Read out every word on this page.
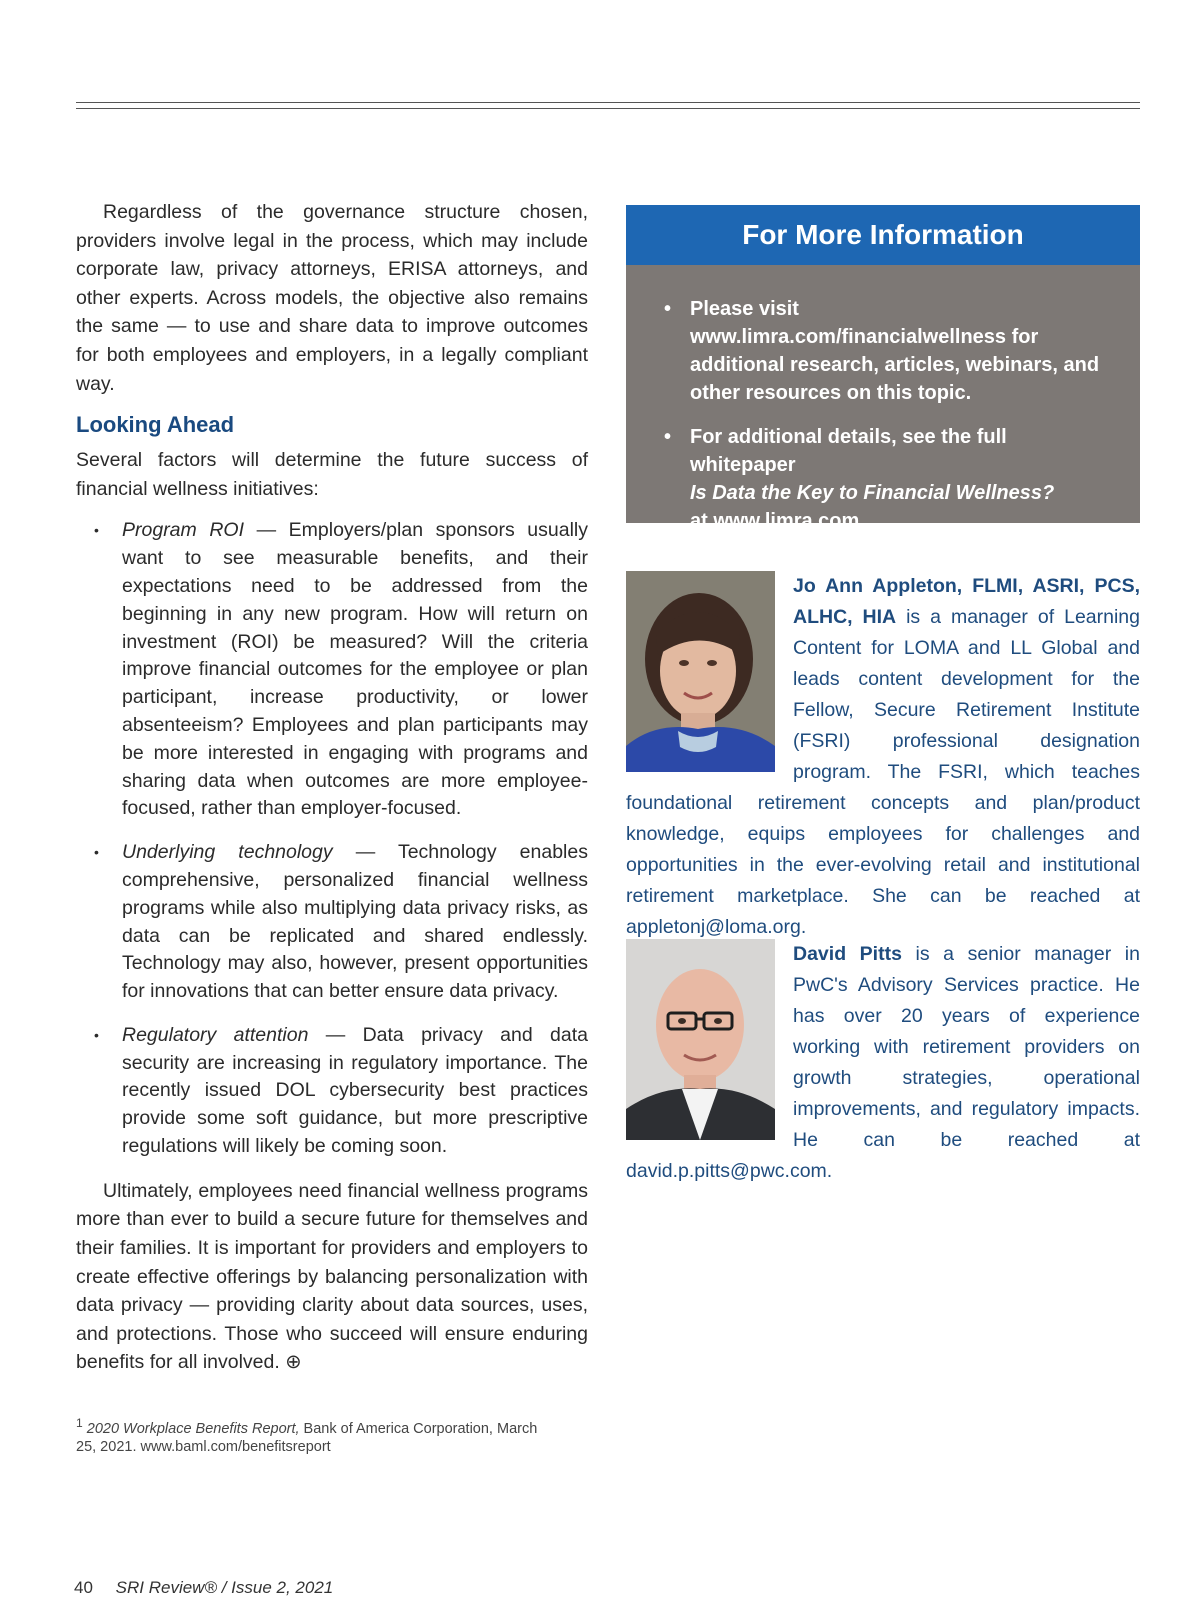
Regardless of the governance structure chosen, providers involve legal in the process, which may include corporate law, privacy attorneys, ERISA attorneys, and other experts. Across models, the objective also remains the same — to use and share data to improve outcomes for both employees and employers, in a legally compliant way.

Looking Ahead

Several factors will determine the future success of financial wellness initiatives:

• Program ROI — Employers/plan sponsors usually want to see measurable benefits, and their expectations need to be addressed from the beginning in any new program. How will return on investment (ROI) be measured? Will the criteria improve financial outcomes for the employee or plan participant, increase productivity, or lower absenteeism? Employees and plan participants may be more interested in engaging with programs and sharing data when outcomes are more employee-focused, rather than employer-focused.
• Underlying technology — Technology enables comprehensive, personalized financial wellness programs while also multiplying data privacy risks, as data can be replicated and shared endlessly. Technology may also, however, present opportunities for innovations that can better ensure data privacy.
• Regulatory attention — Data privacy and data security are increasing in regulatory importance. The recently issued DOL cybersecurity best practices provide some soft guidance, but more prescriptive regulations will likely be coming soon.

Ultimately, employees need financial wellness programs more than ever to build a secure future for themselves and their families. It is important for providers and employers to create effective offerings by balancing personalization with data privacy — providing clarity about data sources, uses, and protections. Those who succeed will ensure enduring benefits for all involved. ⊕

$^1$ 2020 Workplace Benefits Report, Bank of America Corporation, March 25, 2021. www.baml.com/benefitsreport
40 SRI Review® / Issue 2, 2021
For More Information
• Please visit www.limra.com/financialwellness for additional research, articles, webinars, and other resources on this topic.
• For additional details, see the full whitepaper
Is Data the Key to Financial Wellness?
at www.limra.com.
Jo Ann Appleton, FLMI, ASRI, PCS, ALHC, HIA is a manager of Learning Content for LOMA and LL Global and leads content development for the Fellow, Secure Retirement Institute (FSRI) professional designation program. The FSRI, which teaches foundational retirement concepts and plan/product knowledge, equips employees for challenges and opportunities in the ever-evolving retail and institutional retirement marketplace. She can be reached at appletonj@loma.org.
David Pitts is a senior manager in PwC's Advisory Services practice. He has over 20 years of experience working with retirement providers on growth strategies, operational improvements, and regulatory impacts. He can be reached at david.p.pitts@pwc.com.
